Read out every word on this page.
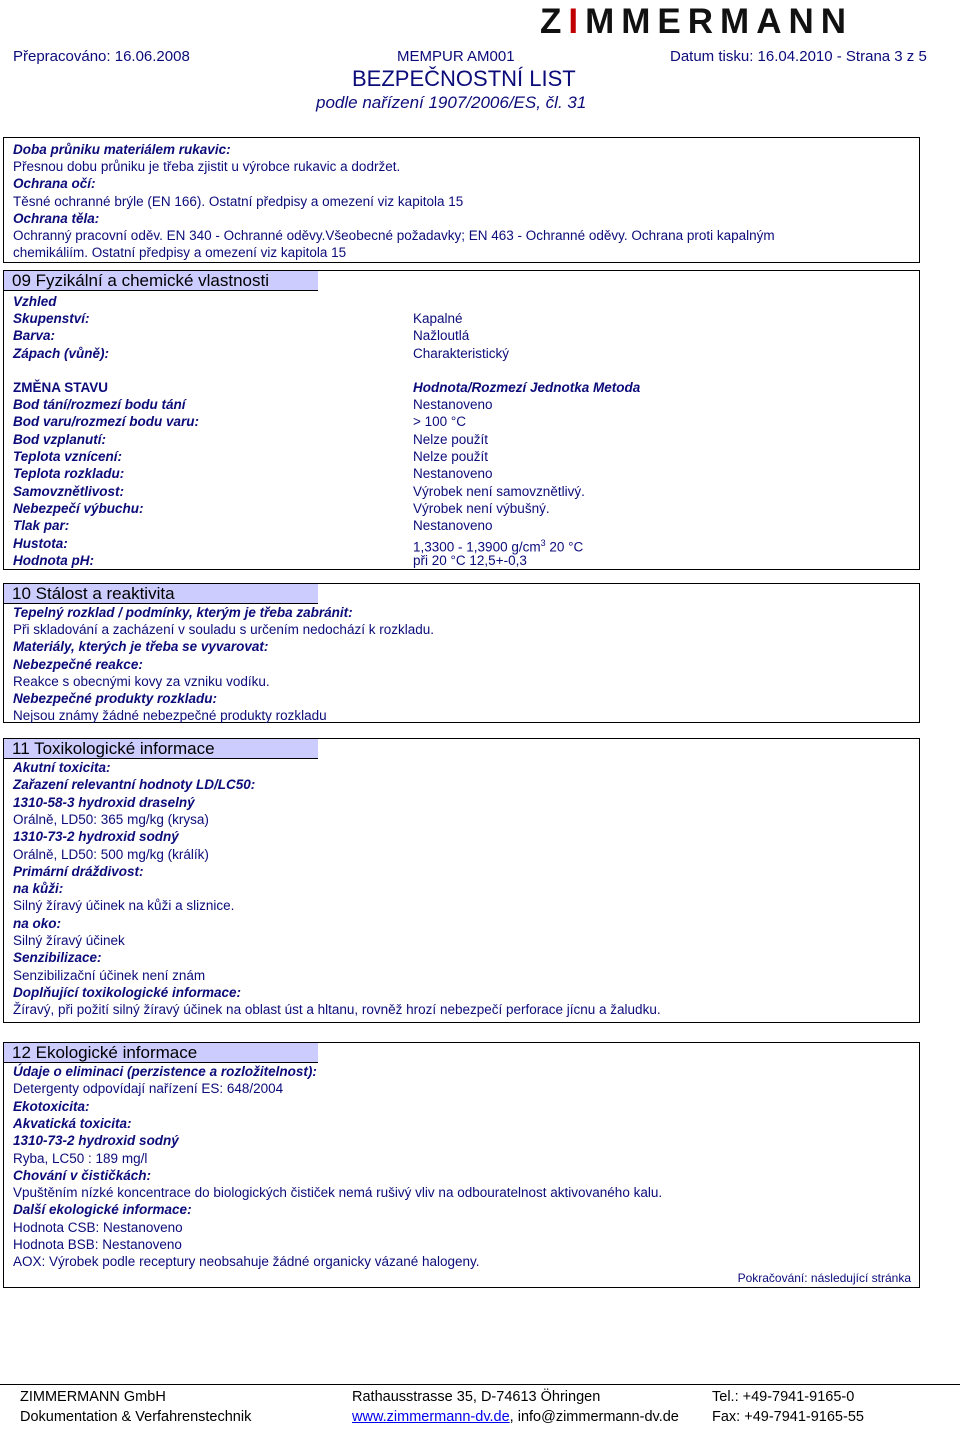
ZIMMERMANN
Přepracováno: 16.06.2008	MEMPUR AM001	Datum tisku: 16.04.2010 - Strana 3 z 5
BEZPEČNOSTNÍ LIST
podle nařízení 1907/2006/ES, čl. 31
Doba průniku materiálem rukavic:
Přesnou dobu průniku je třeba zjistit u výrobce rukavic a dodržet.
Ochrana očí:
Těsné ochranné brýle (EN 166). Ostatní předpisy a omezení viz kapitola 15
Ochrana těla:
Ochranný pracovní oděv. EN 340 - Ochranné oděvy.Všeobecné požadavky; EN 463 - Ochranné oděvy. Ochrana proti kapalným
chemikáliím. Ostatní předpisy a omezení viz kapitola 15
09 Fyzikální a chemické vlastnosti
Vzhled
ZMĚNA STAVU	Hodnota/Rozmezí Jednotka Metoda
Hustota:	1,3300 - 1,3900 $g/cm^3$ 20 °C
Hodnota pH:	při 20 °C 12,5+-0,3
Skupenství:	Kapalné
Barva:	Nažloutlá
Zápach (vůně):	Charakteristický
Bod tání/rozmezí bodu tání	Nestanoveno
Bod varu/rozmezí bodu varu:	> 100 °C
Bod vzplanutí:	Nelze použít
Teplota vznícení:	Nelze použít
Teplota rozkladu:	Nestanoveno
Samovznětlivost:	Výrobek není samovznětlivý.
Nebezpečí výbuchu:	Výrobek není výbušný.
Tlak par:	Nestanoveno
10 Stálost a reaktivita
Tepelný rozklad / podmínky, kterým je třeba zabránit:
Při skladování a zacházení v souladu s určením nedochází k rozkladu.
Materiály, kterých je třeba se vyvarovat:
Nebezpečné reakce:
Reakce s obecnými kovy za vzniku vodíku.
Nebezpečné produkty rozkladu:
Nejsou známy žádné nebezpečné produkty rozkladu
11 Toxikologické informace
Akutní toxicita:
Zařazení relevantní hodnoty LD/LC50:
1310-58-3 hydroxid draselný
Orálně, LD50: 365 mg/kg (krysa)
1310-73-2 hydroxid sodný
Orálně, LD50: 500 mg/kg (králík)
Primární dráždivost:
na kůži:
Silný žíravý účinek na kůži a sliznice.
na oko:
Silný žíravý účinek
Senzibilizace:
Senzibilizační účinek není znám
Doplňující toxikologické informace:
Žíravý, při požití silný žíravý účinek na oblast úst a hltanu, rovněž hrozí nebezpečí perforace jícnu a žaludku.
12 Ekologické informace
Pokračování: následující stránka
Údaje o eliminaci (perzistence a rozložitelnost):
Detergenty odpovídají nařízení ES: 648/2004
Ekotoxicita:
Akvatická toxicita:
1310-73-2 hydroxid sodný
Ryba, LC50 : 189 mg/l
Chování v čističkách:
Vpuštěním nízké koncentrace do biologických čističek nemá rušivý vliv na odbouratelnost aktivovaného kalu.
Další ekologické informace:
Hodnota CSB: Nestanoveno
Hodnota BSB: Nestanoveno
AOX: Výrobek podle receptury neobsahuje žádné organicky vázané halogeny.
ZIMMERMANN GmbH
Dokumentation & Verfahrenstechnik
Rathausstrasse 35, D-74613 Öhringen
www.zimmermann-dv.de, info@zimmermann-dv.de
Tel.: +49-7941-9165-0
Fax: +49-7941-9165-55
